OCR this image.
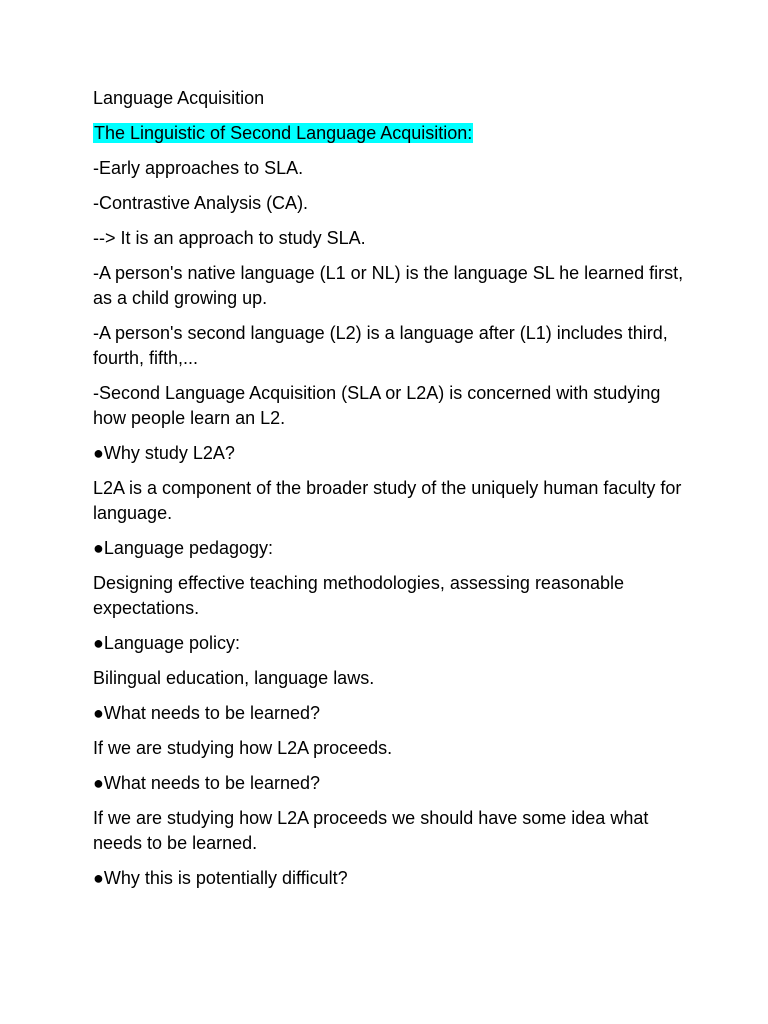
Language Acquisition

The Linguistic of Second Language Acquisition:

-Early approaches to SLA.

-Contrastive Analysis (CA).

--> It is an approach to study SLA.

-A person's native language (L1 or NL) is the language SL he learned first, as a child growing up.

-A person's second language (L2) is a language after (L1) includes third, fourth, fifth,...

-Second Language Acquisition (SLA or L2A) is concerned with studying how people learn an L2.

●Why study L2A?

L2A is a component of the broader study of the uniquely human faculty for language.

●Language pedagogy:

Designing effective teaching methodologies, assessing reasonable expectations.

●Language policy:

Bilingual education, language laws.

●What needs to be learned?

If we are studying how L2A proceeds.

●What needs to be learned?

If we are studying how L2A proceeds we should have some idea what needs to be learned.

●Why this is potentially difficult?
